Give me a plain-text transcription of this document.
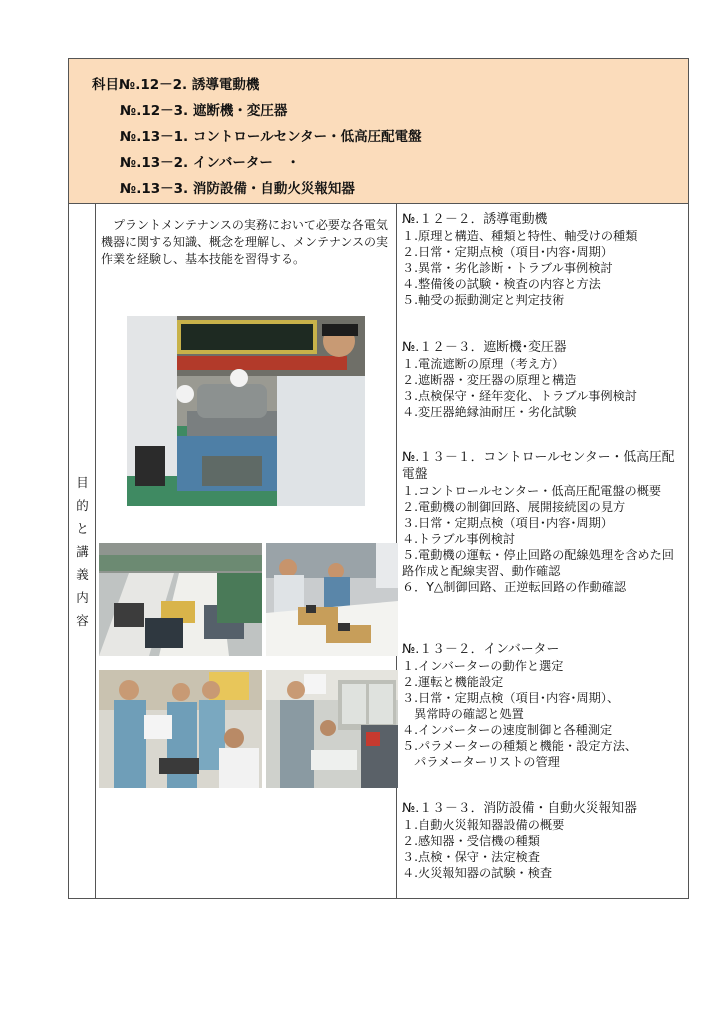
科目№.12－2. 誘導電動機
№.12－3. 遮断機・変圧器
№.13－1. コントロールセンター・低高圧配電盤
№.13－2. インバーター　・
№.13－3. 消防設備・自動火災報知器
目
的
と
講
義
内
容
　プラントメンテナンスの実務において必要な各電気機器に関する知識、概念を理解し、メンテナンスの実作業を経験し、基本技能を習得する。
№.１２－２．誘導電動機
１.原理と構造、種類と特性、軸受けの種類
２.日常・定期点検（項目･内容･周期）
３.異常・劣化診断・トラブル事例検討
４.整備後の試験・検査の内容と方法
５.軸受の振動測定と判定技術
№.１２－３．遮断機･変圧器
１.電流遮断の原理（考え方）
２.遮断器・変圧器の原理と構造
３.点検保守・経年変化、トラブル事例検討
４.変圧器絶縁油耐圧・劣化試験
№.１３－１．コントロールセンター・低高圧配電盤
１.コントロールセンター・低高圧配電盤の概要
２.電動機の制御回路、展開接続図の見方
３.日常・定期点検（項目･内容･周期）
４.トラブル事例検討
５.電動機の運転・停止回路の配線処理を含めた回路作成と配線実習、動作確認
６．Y△制御回路、正逆転回路の作動確認
№.１３－２．インバーター
１.インバーターの動作と選定
２.運転と機能設定
３.日常・定期点検（項目･内容･周期）、
　異常時の確認と処置
４.インバーターの速度制御と各種測定
５.パラメーターの種類と機能・設定方法、
　パラメーターリストの管理
№.１３－３．消防設備・自動火災報知器
１.自動火災報知器設備の概要
２.感知器・受信機の種類
３.点検・保守・法定検査
４.火災報知器の試験・検査
